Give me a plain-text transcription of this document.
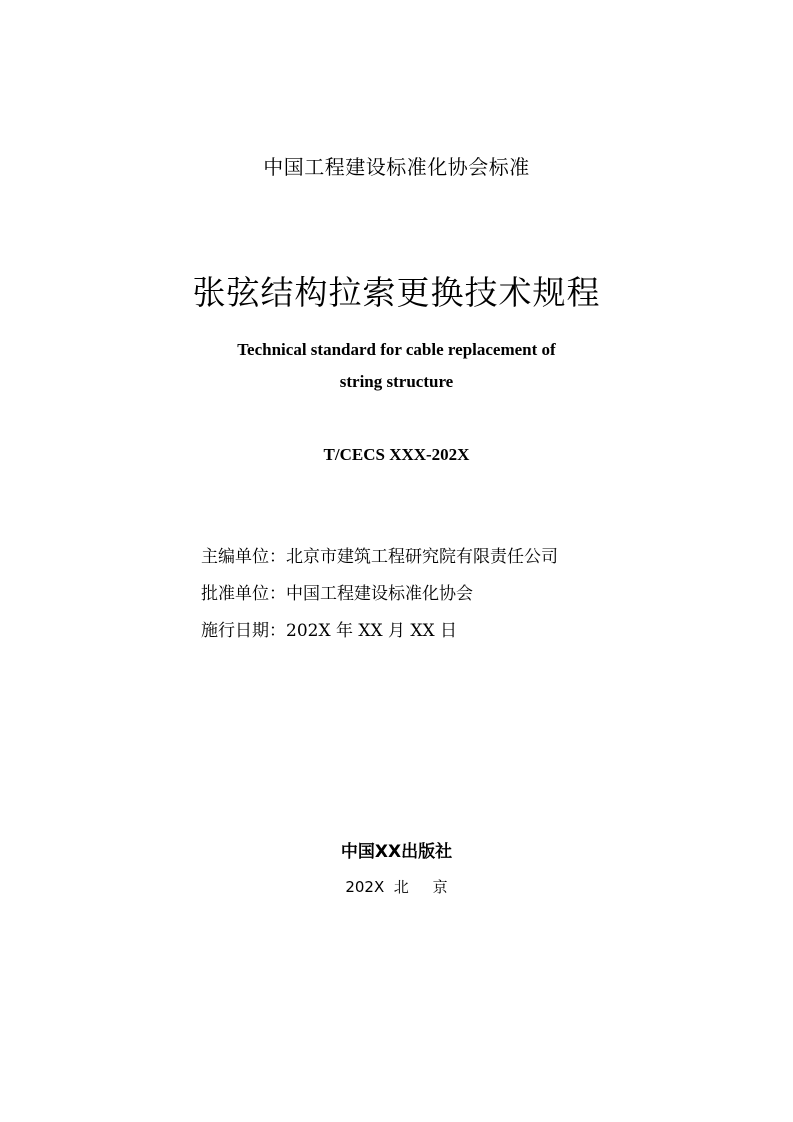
中国工程建设标准化协会标准
张弦结构拉索更换技术规程
Technical standard for cable replacement of
string structure
T/CECS XXX-202X
主编单位：北京市建筑工程研究院有限责任公司
批准单位：中国工程建设标准化协会
施行日期：202X 年 XX 月 XX 日
中国XX出版社
202X  北     京
